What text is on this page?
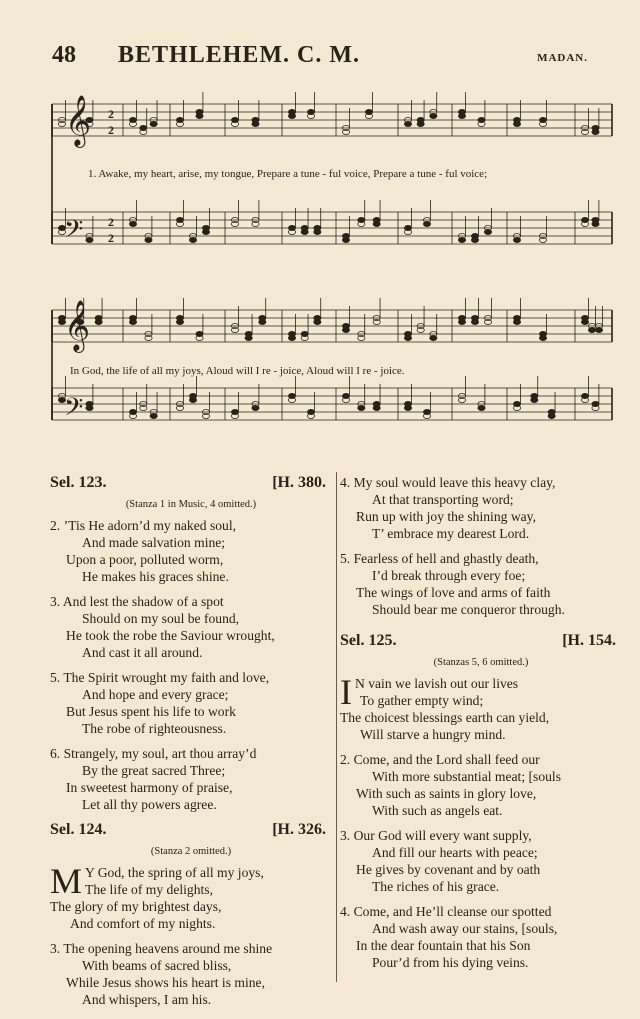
48 BETHLEHEM. C. M.	MADAN.
2
2
2
2
𝄞
𝄢
𝄞
𝄢
1. Awake, my heart, arise, my tongue, Prepare a tune - ful voice, Prepare a tune - ful voice;
In God, the life of all my joys, Aloud will I re - joice, Aloud will I re - joice.
Sel. 123.	[H. 380.
(Stanza 1 in Music, 4 omitted.)
2. ’Tis He adorn’d my naked soul,
And made salvation mine;
Upon a poor, polluted worm,
He makes his graces shine.
3. And lest the shadow of a spot
Should on my soul be found,
He took the robe the Saviour wrought,
And cast it all around.
5. The Spirit wrought my faith and love,
And hope and every grace;
But Jesus spent his life to work
The robe of righteousness.
6. Strangely, my soul, art thou array’d
By the great sacred Three;
In sweetest harmony of praise,
Let all thy powers agree.
Sel. 124.	[H. 326.
(Stanza 2 omitted.)
M Y God, the spring of all my joys,
The life of my delights,
The glory of my brightest days,
And comfort of my nights.
3. The opening heavens around me shine
With beams of sacred bliss,
While Jesus shows his heart is mine,
And whispers, I am his.
4. My soul would leave this heavy clay,
At that transporting word;
Run up with joy the shining way,
T’ embrace my dearest Lord.
5. Fearless of hell and ghastly death,
I’d break through every foe;
The wings of love and arms of faith
Should bear me conqueror through.
Sel. 125.	[H. 154.
(Stanzas 5, 6 omitted.)
I N vain we lavish out our lives
To gather empty wind;
The choicest blessings earth can yield,
Will starve a hungry mind.
2. Come, and the Lord shall feed our
With more substantial meat; [souls
With such as saints in glory love,
With such as angels eat.
3. Our God will every want supply,
And fill our hearts with peace;
He gives by covenant and by oath
The riches of his grace.
4. Come, and He’ll cleanse our spotted
And wash away our stains, [souls,
In the dear fountain that his Son
Pour’d from his dying veins.
